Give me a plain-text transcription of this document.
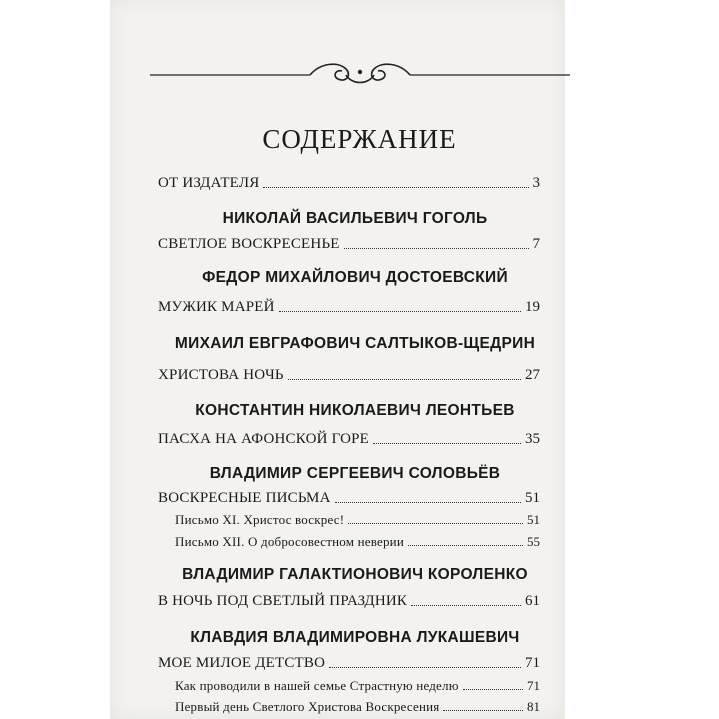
СОДЕРЖАНИЕ
ОТ ИЗДАТЕЛЯ	3
НИКОЛАЙ ВАСИЛЬЕВИЧ ГОГОЛЬ
СВЕТЛОЕ ВОСКРЕСЕНЬЕ	7
ФЕДОР МИХАЙЛОВИЧ ДОСТОЕВСКИЙ
МУЖИК МАРЕЙ	19
МИХАИЛ ЕВГРАФОВИЧ САЛТЫКОВ-ЩЕДРИН
ХРИСТОВА НОЧЬ	27
КОНСТАНТИН НИКОЛАЕВИЧ ЛЕОНТЬЕВ
ПАСХА НА АФОНСКОЙ ГОРЕ	35
ВЛАДИМИР СЕРГЕЕВИЧ СОЛОВЬЁВ
ВОСКРЕСНЫЕ ПИСЬМА	51
Письмо XI. Христос воскрес!	51
Письмо XII. О добросовестном неверии	55
ВЛАДИМИР ГАЛАКТИОНОВИЧ КОРОЛЕНКО
В НОЧЬ ПОД СВЕТЛЫЙ ПРАЗДНИК	61
КЛАВДИЯ ВЛАДИМИРОВНА ЛУКАШЕВИЧ
МОЕ МИЛОЕ ДЕТСТВО	71
Как проводили в нашей семье Страстную неделю	71
Первый день Светлого Христова Воскресения	81
